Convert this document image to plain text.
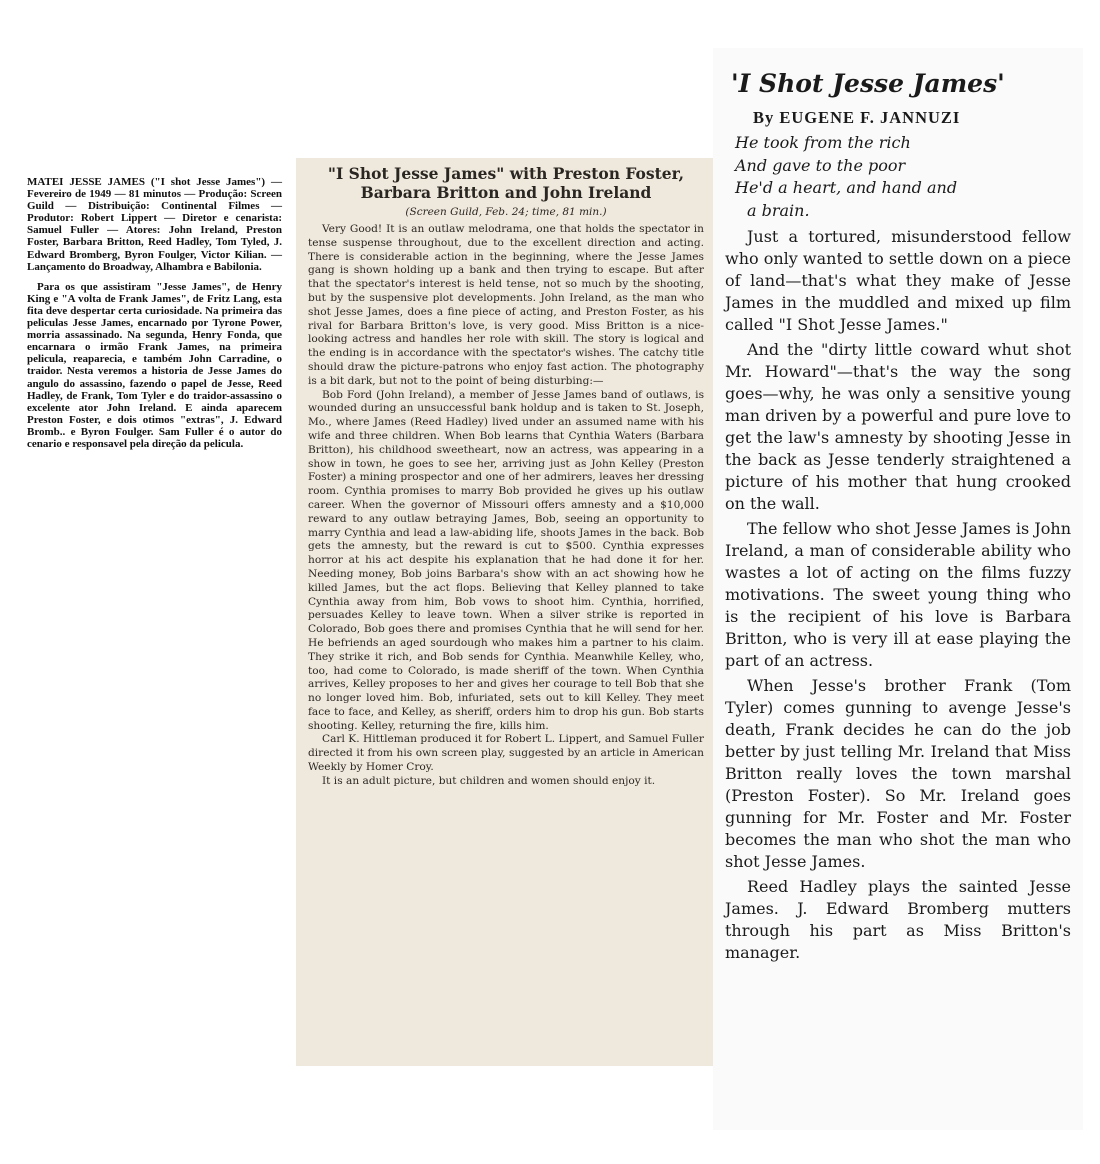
MATEI JESSE JAMES ("I shot Jesse James") — Fevereiro de 1949 — 81 minutos — Produção: Screen Guild — Distribuição: Continental Filmes — Produtor: Robert Lippert — Diretor e cenarista: Samuel Fuller — Atores: John Ireland, Preston Foster, Barbara Britton, Reed Hadley, Tom Tyled, J. Edward Bromberg, Byron Foulger, Victor Kilian. — Lançamento do Broadway, Alhambra e Babilonia.

Para os que assistiram "Jesse James", de Henry King e "A volta de Frank James", de Fritz Lang, esta fita deve despertar certa curiosidade. Na primeira das peliculas Jesse James, encarnado por Tyrone Power, morria assassinado. Na segunda, Henry Fonda, que encarnara o irmão Frank James, na primeira pelicula, reaparecia, e também John Carradine, o traidor. Nesta veremos a historia de Jesse James do angulo do assassino, fazendo o papel de Jesse, Reed Hadley, de Frank, Tom Tyler e do traidor-assassino o excelente ator John Ireland. E ainda aparecem Preston Foster, e dois otimos "extras", J. Edward Bromb.. e Byron Foulger. Sam Fuller é o autor do cenario e responsavel pela direção da pelicula.

"I Shot Jesse James" with Preston Foster, Barbara Britton and John Ireland

(Screen Guild, Feb. 24; time, 81 min.)

Very Good! It is an outlaw melodrama, one that holds the spectator in tense suspense throughout, due to the excellent direction and acting. There is considerable action in the beginning, where the Jesse James gang is shown holding up a bank and then trying to escape. But after that the spectator's interest is held tense, not so much by the shooting, but by the suspensive plot developments. John Ireland, as the man who shot Jesse James, does a fine piece of acting, and Preston Foster, as his rival for Barbara Britton's love, is very good. Miss Britton is a nice-looking actress and handles her role with skill. The story is logical and the ending is in accordance with the spectator's wishes. The catchy title should draw the picture-patrons who enjoy fast action. The photography is a bit dark, but not to the point of being disturbing:—

Bob Ford (John Ireland), a member of Jesse James band of outlaws, is wounded during an unsuccessful bank holdup and is taken to St. Joseph, Mo., where James (Reed Hadley) lived under an assumed name with his wife and three children. When Bob learns that Cynthia Waters (Barbara Britton), his childhood sweetheart, now an actress, was appearing in a show in town, he goes to see her, arriving just as John Kelley (Preston Foster) a mining prospector and one of her admirers, leaves her dressing room. Cynthia promises to marry Bob provided he gives up his outlaw career. When the governor of Missouri offers amnesty and a $10,000 reward to any outlaw betraying James, Bob, seeing an opportunity to marry Cynthia and lead a law-abiding life, shoots James in the back. Bob gets the amnesty, but the reward is cut to $500. Cynthia expresses horror at his act despite his explanation that he had done it for her. Needing money, Bob joins Barbara's show with an act showing how he killed James, but the act flops. Believing that Kelley planned to take Cynthia away from him, Bob vows to shoot him. Cynthia, horrified, persuades Kelley to leave town. When a silver strike is reported in Colorado, Bob goes there and promises Cynthia that he will send for her. He befriends an aged sourdough who makes him a partner to his claim. They strike it rich, and Bob sends for Cynthia. Meanwhile Kelley, who, too, had come to Colorado, is made sheriff of the town. When Cynthia arrives, Kelley proposes to her and gives her courage to tell Bob that she no longer loved him. Bob, infuriated, sets out to kill Kelley. They meet face to face, and Kelley, as sheriff, orders him to drop his gun. Bob starts shooting. Kelley, returning the fire, kills him.

Carl K. Hittleman produced it for Robert L. Lippert, and Samuel Fuller directed it from his own screen play, suggested by an article in American Weekly by Homer Croy.

It is an adult picture, but children and women should enjoy it.

'I Shot Jesse James'

By EUGENE F. JANNUZI

He took from the rich
And gave to the poor
He'd a heart, and hand and
a brain.

Just a tortured, misunderstood fellow who only wanted to settle down on a piece of land—that's what they make of Jesse James in the muddled and mixed up film called "I Shot Jesse James."

And the "dirty little coward whut shot Mr. Howard"—that's the way the song goes—why, he was only a sensitive young man driven by a powerful and pure love to get the law's amnesty by shooting Jesse in the back as Jesse tenderly straightened a picture of his mother that hung crooked on the wall.

The fellow who shot Jesse James is John Ireland, a man of considerable ability who wastes a lot of acting on the films fuzzy motivations. The sweet young thing who is the recipient of his love is Barbara Britton, who is very ill at ease playing the part of an actress.

When Jesse's brother Frank (Tom Tyler) comes gunning to avenge Jesse's death, Frank decides he can do the job better by just telling Mr. Ireland that Miss Britton really loves the town marshal (Preston Foster). So Mr. Ireland goes gunning for Mr. Foster and Mr. Foster becomes the man who shot the man who shot Jesse James.

Reed Hadley plays the sainted Jesse James. J. Edward Bromberg mutters through his part as Miss Britton's manager.
